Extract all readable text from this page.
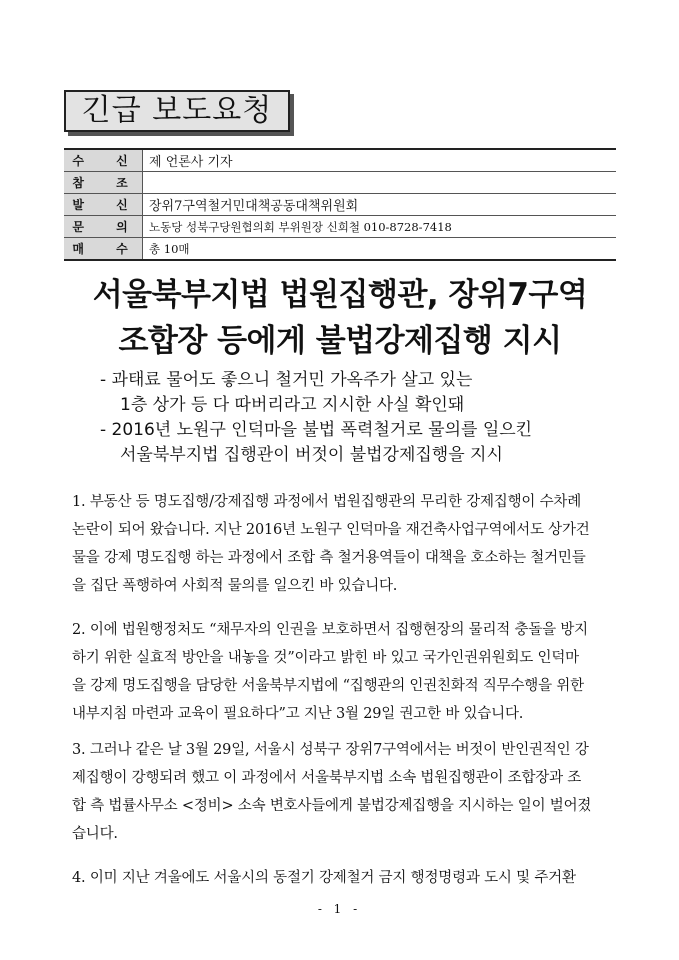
긴급 보도요청
수 신	제 언론사 기자
참 조	
발 신	장위7구역철거민대책공동대책위원회
문 의	노동당 성북구당원협의회 부위원장 신희철 010-8728-7418
매 수	총 10매
서울북부지법 법원집행관, 장위7구역
조합장 등에게 불법강제집행 지시
- 과태료 물어도 좋으니 철거민 가옥주가 살고 있는
1층 상가 등 다 따버리라고 지시한 사실 확인돼
- 2016년 노원구 인덕마을 불법 폭력철거로 물의를 일으킨
서울북부지법 집행관이 버젓이 불법강제집행을 지시
1. 부동산 등 명도집행/강제집행 과정에서 법원집행관의 무리한 강제집행이 수차례
논란이 되어 왔습니다. 지난 2016년 노원구 인덕마을 재건축사업구역에서도 상가건
물을 강제 명도집행 하는 과정에서 조합 측 철거용역들이 대책을 호소하는 철거민들
을 집단 폭행하여 사회적 물의를 일으킨 바 있습니다.
2. 이에 법원행정처도 “채무자의 인권을 보호하면서 집행현장의 물리적 충돌을 방지
하기 위한 실효적 방안을 내놓을 것”이라고 밝힌 바 있고 국가인권위원회도 인덕마
을 강제 명도집행을 담당한 서울북부지법에 “집행관의 인권친화적 직무수행을 위한
내부지침 마련과 교육이 필요하다”고 지난 3월 29일 권고한 바 있습니다.
3. 그러나 같은 날 3월 29일, 서울시 성북구 장위7구역에서는 버젓이 반인권적인 강
제집행이 강행되려 했고 이 과정에서 서울북부지법 소속 법원집행관이 조합장과 조
합 측 법률사무소 <정비> 소속 변호사들에게 불법강제집행을 지시하는 일이 벌어졌
습니다.
4. 이미 지난 겨울에도 서울시의 동절기 강제철거 금지 행정명령과 도시 및 주거환
- 1 -
